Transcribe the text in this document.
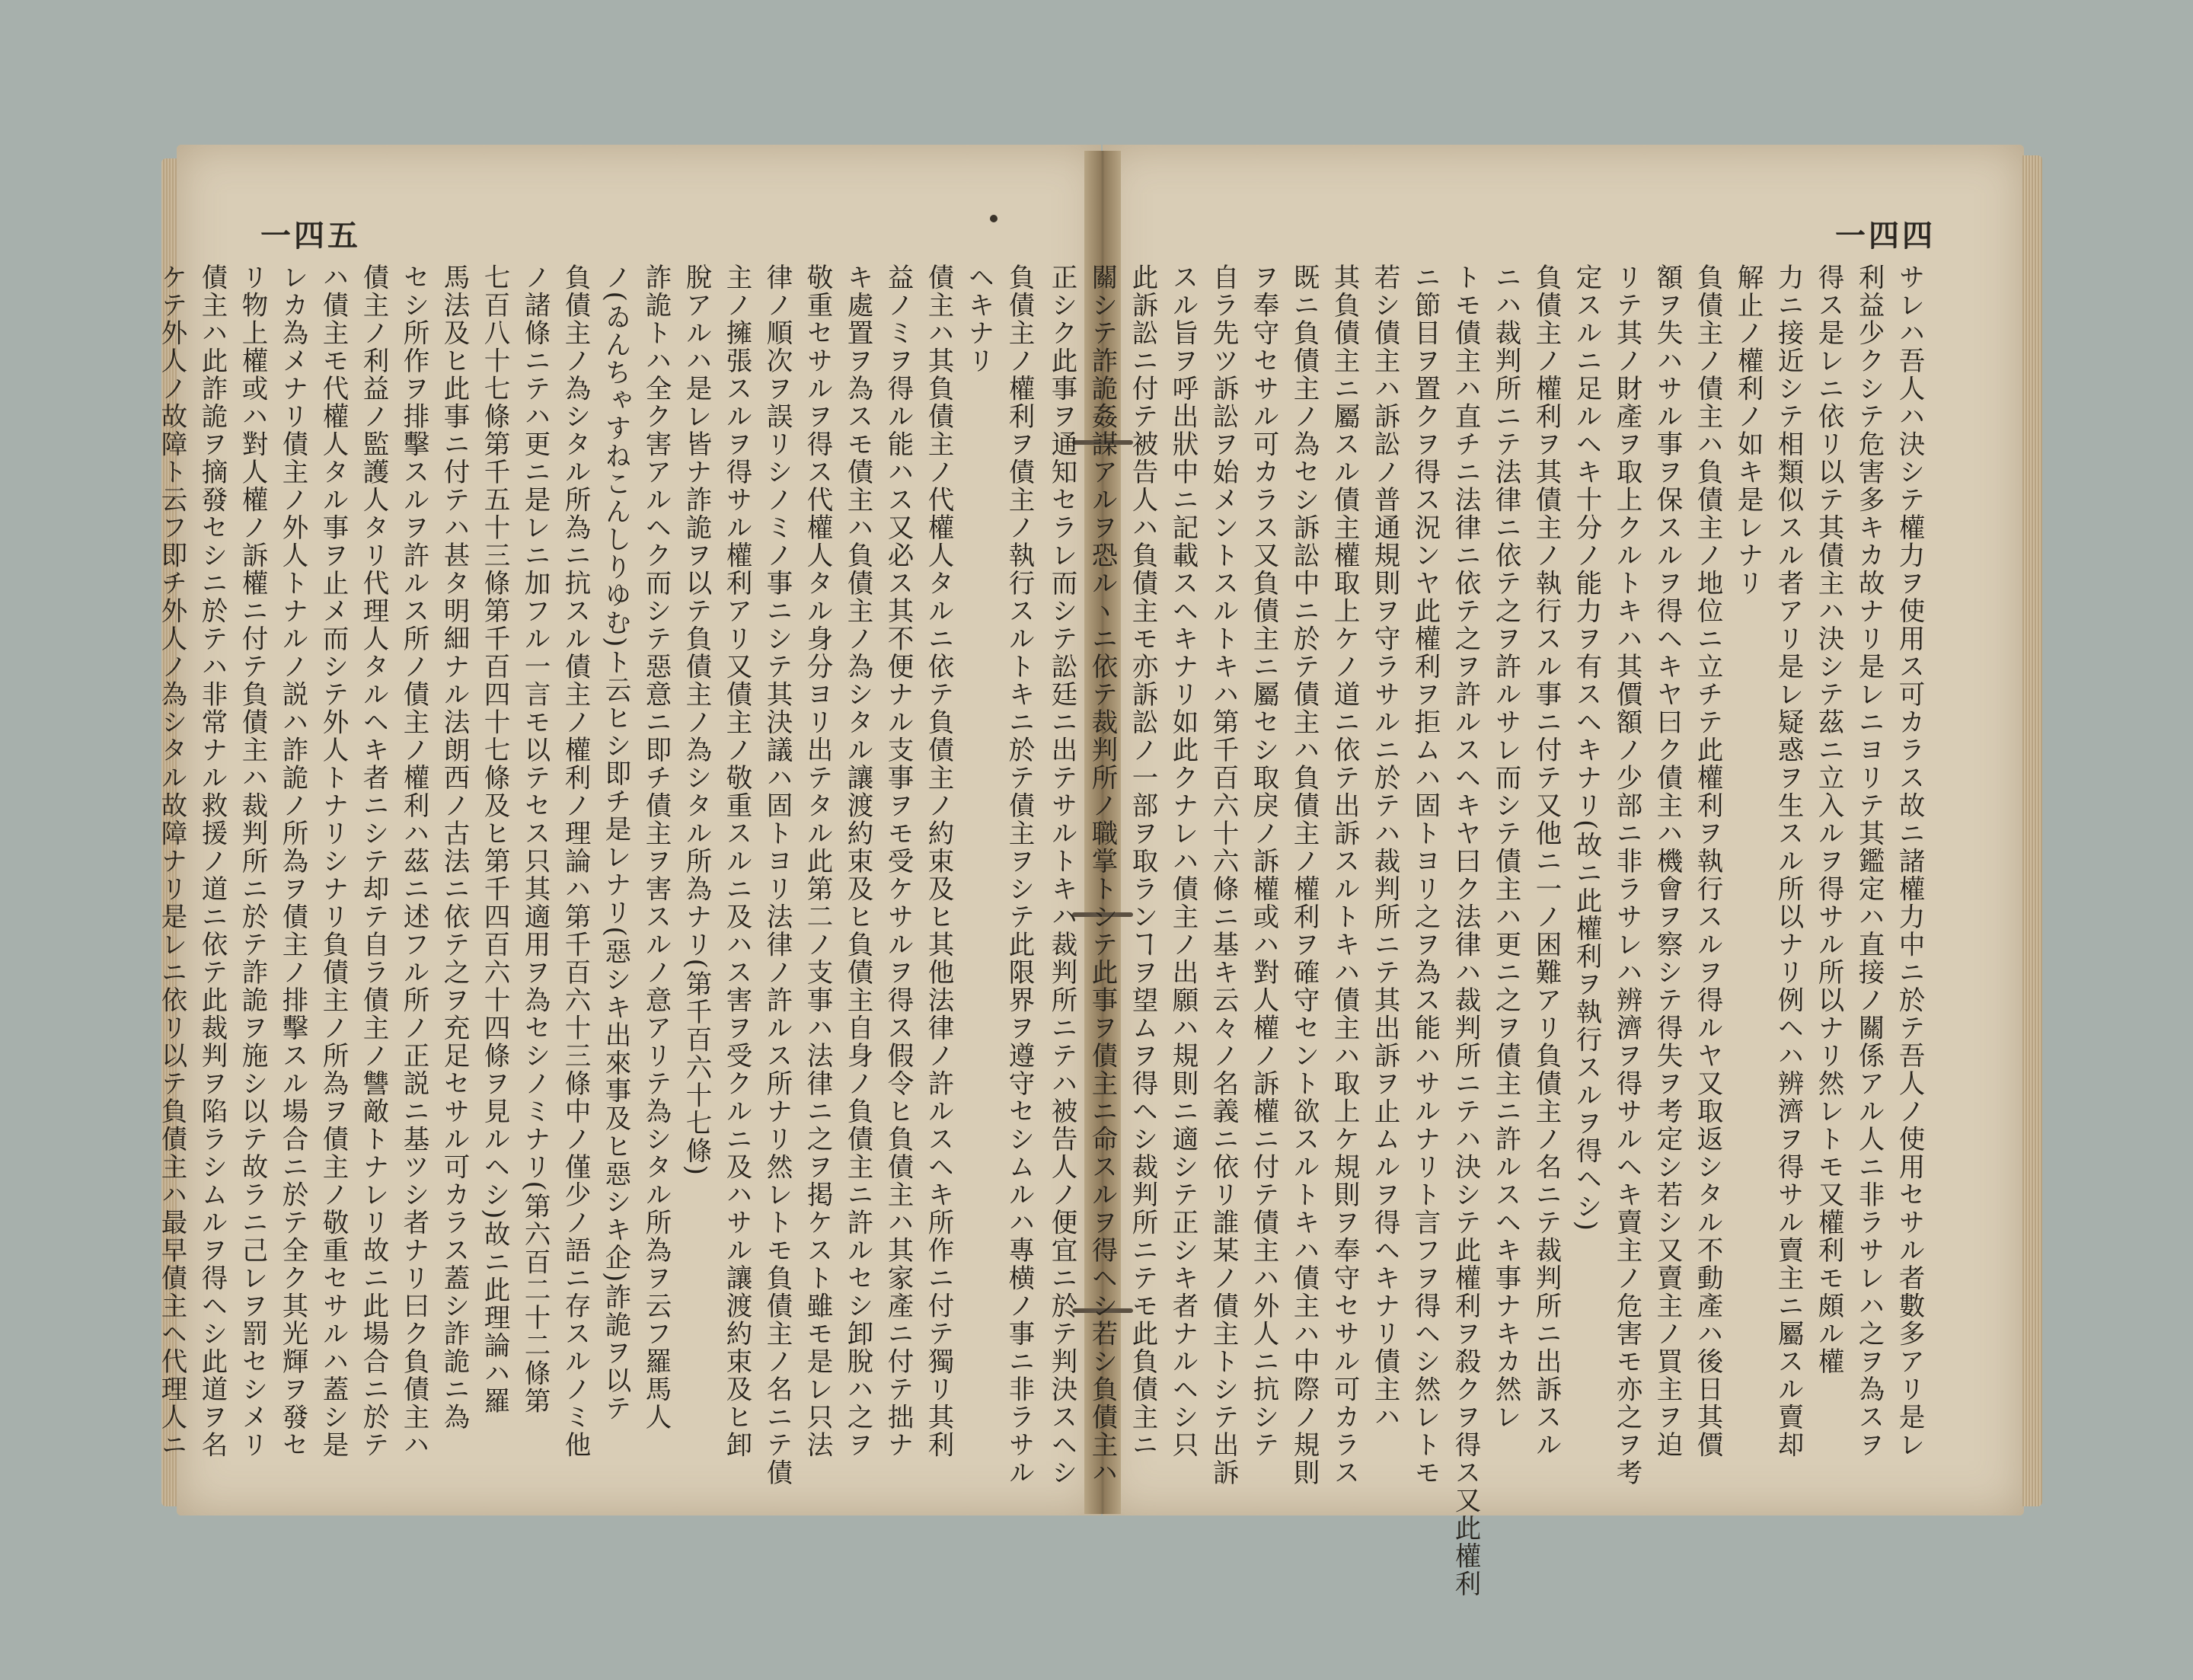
一四五	一四四

負債主ノ權利ヲ債主ノ執行スルトキニ於テ債主ヲシテ此限界ヲ遵守セシムルハ專横ノ事ニ非ラサル

ヘキナリ

債主ハ其負債主ノ代權人タルニ依テ負債主ノ約束及ヒ其他法律ノ許ルスヘキ所作ニ付テ獨リ其利

益ノミヲ得ル能ハス又必ス其不便ナル支事ヲモ受ケサルヲ得ス假令ヒ負債主ハ其家產ニ付テ拙ナ

キ處置ヲ為スモ債主ハ負債主ノ為シタル讓渡約束及ヒ負債主自身ノ負債主ニ許ルセシ卸脫ハ之ヲ

敬重セサルヲ得ス代權人タル身分ヨリ出テタル此第二ノ支事ハ法律ニ之ヲ掲ケスト雖モ是レ只法

律ノ順次ヲ誤リシノミノ事ニシテ其決議ハ固トヨリ法律ノ許ルス所ナリ然レトモ負債主ノ名ニテ債

主ノ擁張スルヲ得サル權利アリ又債主ノ敬重スルニ及ハス害ヲ受クルニ及ハサル讓渡約束及ヒ卸

脫アルハ是レ皆ナ詐詭ヲ以テ負債主ノ為シタル所為ナリ(第千百六十七條)

詐詭トハ全ク害アルヘク而シテ惡意ニ即チ債主ヲ害スルノ意アリテ為シタル所為ヲ云フ羅馬人

ノ(ゐんちゃすねこんしりゆむ)ト云ヒシ即チ是レナリ(惡シキ出來事及ヒ惡シキ企)詐詭ヲ以テ

負債主ノ為シタル所為ニ抗スル債主ノ權利ノ理論ハ第千百六十三條中ノ僅少ノ語ニ存スルノミ他

ノ諸條ニテハ更ニ是レニ加フル一言モ以テセス只其適用ヲ為セシノミナリ(第六百二十二條第

七百八十七條第千五十三條第千百四十七條及ヒ第千四百六十四條ヲ見ルヘシ)故ニ此理論ハ羅

馬法及ヒ此事ニ付テハ甚タ明細ナル法朗西ノ古法ニ依テ之ヲ充足セサル可カラス蓋シ詐詭ニ為

セシ所作ヲ排擊スルヲ許ルス所ノ債主ノ權利ハ茲ニ述フル所ノ正説ニ基ツシ者ナリ曰ク負債主ハ

債主ノ利益ノ監護人タリ代理人タルヘキ者ニシテ却テ自ラ債主ノ讐敵トナレリ故ニ此場合ニ於テ

ハ債主モ代權人タル事ヲ止メ而シテ外人トナリシナリ負債主ノ所為ヲ債主ノ敬重セサルハ蓋シ是

レカ為メナリ債主ノ外人トナルノ説ハ詐詭ノ所為ヲ債主ノ排擊スル場合ニ於テ全ク其光輝ヲ發セ

リ物上權或ハ對人權ノ訴權ニ付テ負債主ハ裁判所ニ於テ詐詭ヲ施シ以テ故ラニ己レヲ罰セシメリ

債主ハ此詐詭ヲ摘發セシニ於テハ非常ナル救援ノ道ニ依テ此裁判ヲ陷ラシムルヲ得ヘシ此道ヲ名

ケテ外人ノ故障ト云フ即チ外人ノ為シタル故障ナリ是レニ依リ以テ負債主ハ最早債主ヘ代理人ニ	サレハ吾人ハ決シテ權力ヲ使用ス可カラス故ニ諸權力中ニ於テ吾人ノ使用セサル者數多アリ是レ

利益少クシテ危害多キカ故ナリ是レニヨリテ其鑑定ハ直接ノ關係アル人ニ非ラサレハ之ヲ為スヲ

得ス是レニ依リ以テ其債主ハ決シテ茲ニ立入ルヲ得サル所以ナリ然レトモ又權利モ頗ル權

力ニ接近シテ相類似スル者アリ是レ疑惑ヲ生スル所以ナリ例ヘハ辨濟ヲ得サル賣主ニ屬スル賣却

解止ノ權利ノ如キ是レナリ

負債主ノ債主ハ負債主ノ地位ニ立チテ此權利ヲ執行スルヲ得ルヤ又取返シタル不動產ハ後日其價

額ヲ失ハサル事ヲ保スルヲ得ヘキヤ曰ク債主ハ機會ヲ察シテ得失ヲ考定シ若シ又賣主ノ買主ヲ迫

リテ其ノ財產ヲ取上クルトキハ其價額ノ少部ニ非ラサレハ辨濟ヲ得サルヘキ賣主ノ危害モ亦之ヲ考

定スルニ足ルヘキ十分ノ能力ヲ有スヘキナリ(故ニ此權利ヲ執行スルヲ得ヘシ)

負債主ノ權利ヲ其債主ノ執行スル事ニ付テ又他ニ一ノ困難アリ負債主ノ名ニテ裁判所ニ出訴スル

ニハ裁判所ニテ法律ニ依テ之ヲ許ルサレ而シテ債主ハ更ニ之ヲ債主ニ許ルスヘキ事ナキカ然レ

トモ債主ハ直チニ法律ニ依テ之ヲ許ルスヘキヤ曰ク法律ハ裁判所ニテハ決シテ此權利ヲ殺クヲ得ス又此權利

ニ節目ヲ置クヲ得ス況ンヤ此權利ヲ拒ムハ固トヨリ之ヲ為ス能ハサルナリト言フヲ得ヘシ然レトモ

若シ債主ハ訴訟ノ普通規則ヲ守ラサルニ於テハ裁判所ニテ其出訴ヲ止ムルヲ得ヘキナリ債主ハ

其負債主ニ屬スル債主權取上ケノ道ニ依テ出訴スルトキハ債主ハ取上ケ規則ヲ奉守セサル可カラス

既ニ負債主ノ為セシ訴訟中ニ於テ債主ハ負債主ノ權利ヲ確守セント欲スルトキハ債主ハ中際ノ規則

ヲ奉守セサル可カラス又負債主ニ屬セシ取戾ノ訴權或ハ對人權ノ訴權ニ付テ債主ハ外人ニ抗シテ

自ラ先ツ訴訟ヲ始メントスルトキハ第千百六十六條ニ基キ云々ノ名義ニ依リ誰某ノ債主トシテ出訴

スル旨ヲ呼出狀中ニ記載スヘキナリ如此クナレハ債主ノ出願ハ規則ニ適シテ正シキ者ナルヘシ只

此訴訟ニ付テ被告人ハ負債主モ亦訴訟ノ一部ヲ取ランヿヲ望ムヲ得ヘシ裁判所ニテモ此負債主ニ

關シテ詐詭姦謀アルヲ恐ルヽニ依テ裁判所ノ職掌トシテ此事ヲ債主ニ命スルヲ得ヘシ若シ負債主ハ

正シク此事ヲ通知セラレ而シテ訟廷ニ出テサルトキハ裁判所ニテハ被告人ノ便宜ニ於テ判決スヘシ
